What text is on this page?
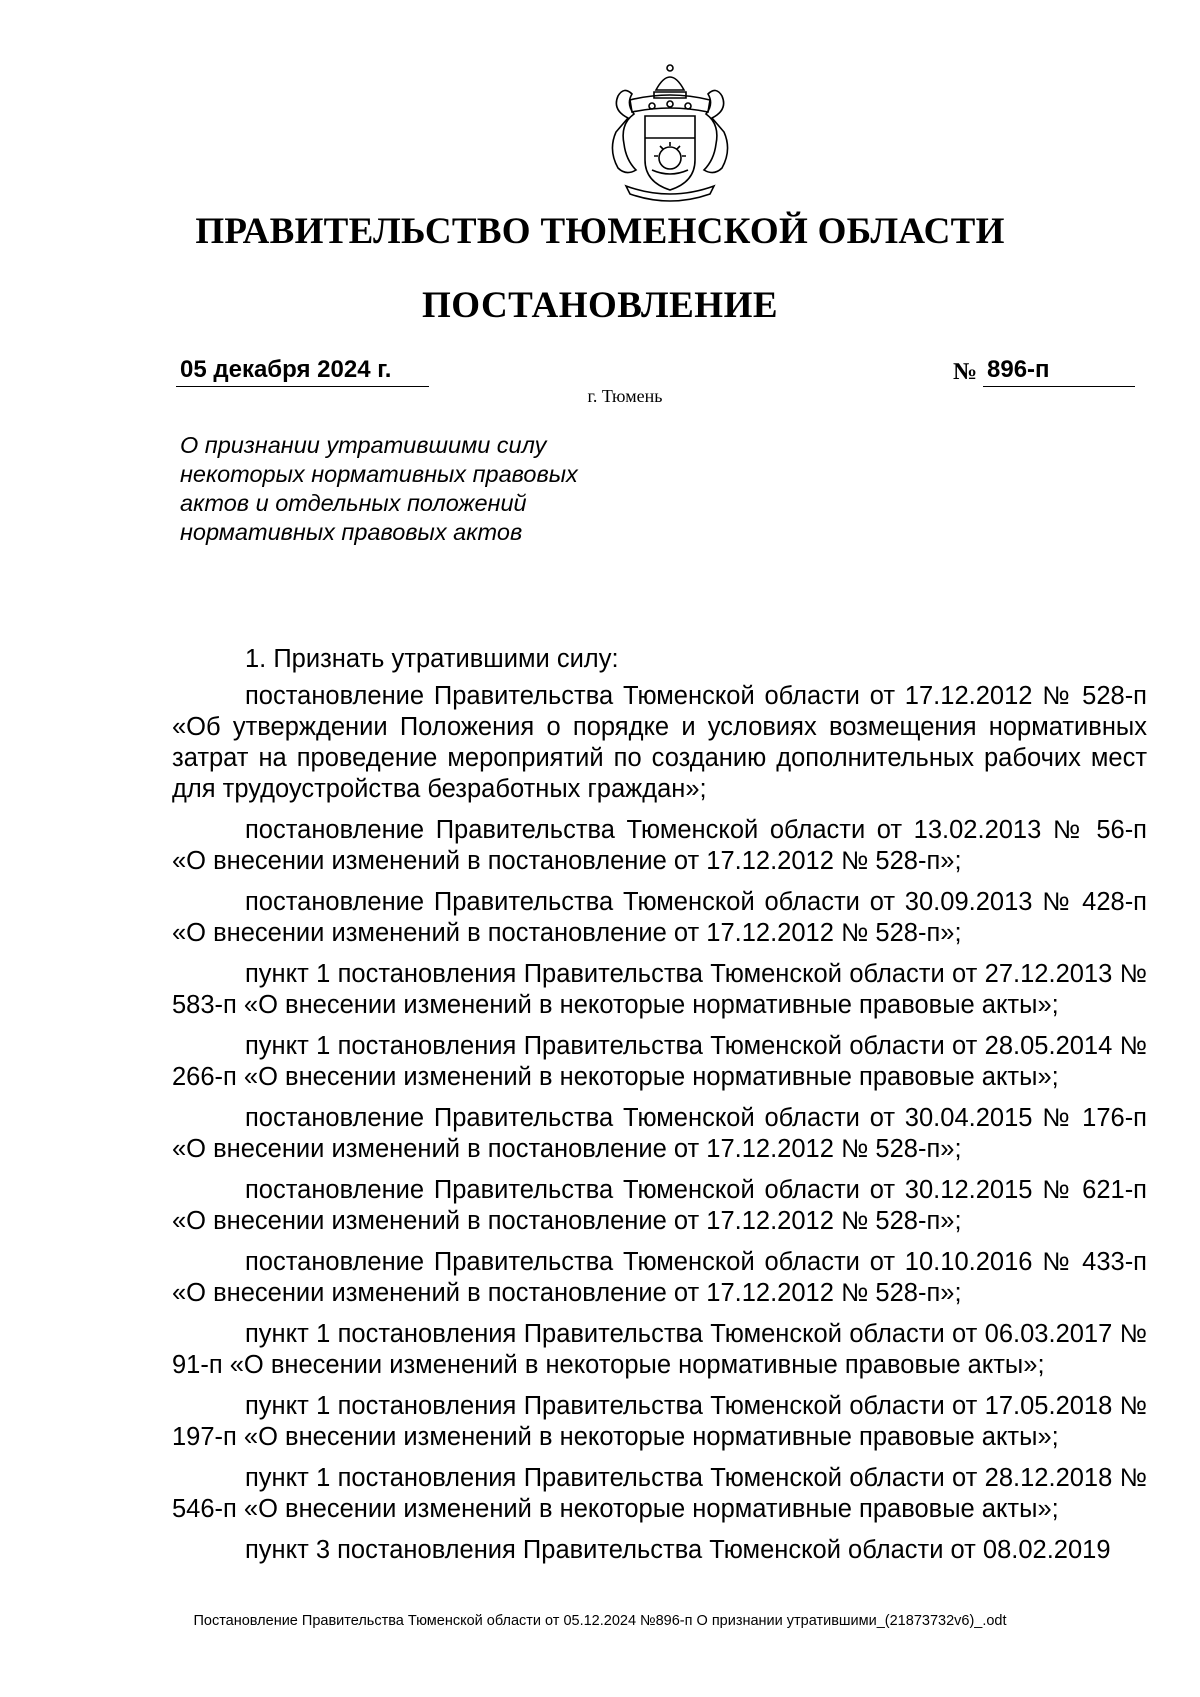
ПРАВИТЕЛЬСТВО ТЮМЕНСКОЙ ОБЛАСТИ
ПОСТАНОВЛЕНИЕ
05 декабря 2024 г.	№ 896-п
г. Тюмень
О признании утратившими силу
некоторых нормативных правовых
актов и отдельных положений
нормативных правовых актов

1. Признать утратившими силу:

постановление Правительства Тюменской области от 17.12.2012 № 528-п «Об утверждении Положения о порядке и условиях возмещения нормативных затрат на проведение мероприятий по созданию дополнительных рабочих мест для трудоустройства безработных граждан»;

постановление Правительства Тюменской области от 13.02.2013 № 56-п «О внесении изменений в постановление от 17.12.2012 № 528-п»;

постановление Правительства Тюменской области от 30.09.2013 № 428-п «О внесении изменений в постановление от 17.12.2012 № 528-п»;

пункт 1 постановления Правительства Тюменской области от 27.12.2013 № 583-п «О внесении изменений в некоторые нормативные правовые акты»;

пункт 1 постановления Правительства Тюменской области от 28.05.2014 № 266-п «О внесении изменений в некоторые нормативные правовые акты»;

постановление Правительства Тюменской области от 30.04.2015 № 176-п «О внесении изменений в постановление от 17.12.2012 № 528-п»;

постановление Правительства Тюменской области от 30.12.2015 № 621-п «О внесении изменений в постановление от 17.12.2012 № 528-п»;

постановление Правительства Тюменской области от 10.10.2016 № 433-п «О внесении изменений в постановление от 17.12.2012 № 528-п»;

пункт 1 постановления Правительства Тюменской области от 06.03.2017 № 91-п «О внесении изменений в некоторые нормативные правовые акты»;

пункт 1 постановления Правительства Тюменской области от 17.05.2018 № 197-п «О внесении изменений в некоторые нормативные правовые акты»;

пункт 1 постановления Правительства Тюменской области от 28.12.2018 № 546-п «О внесении изменений в некоторые нормативные правовые акты»;

пункт 3 постановления Правительства Тюменской области от 08.02.2019

Постановление Правительства Тюменской области от 05.12.2024 №896-п О признании утратившими_(21873732v6)_.odt
